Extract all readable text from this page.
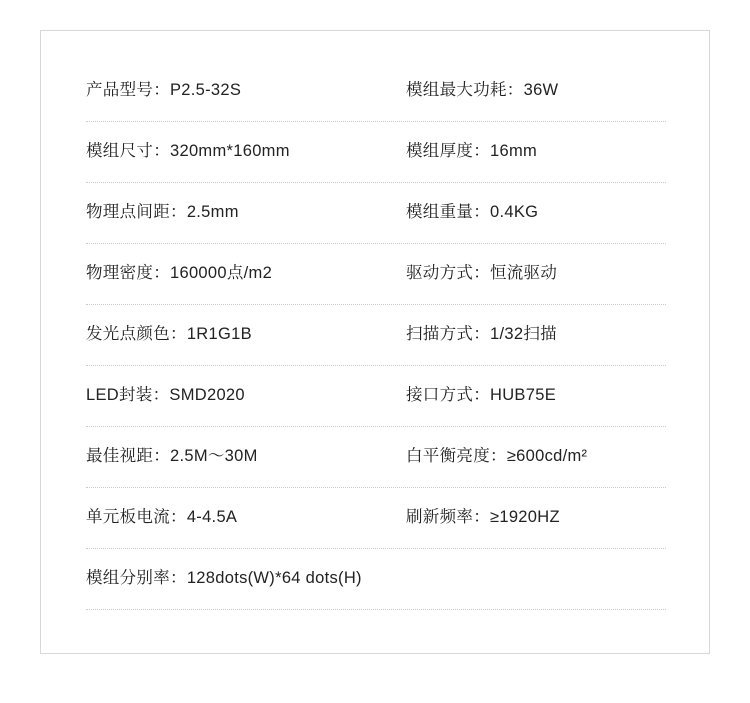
产品型号：P2.5-32S	模组最大功耗：36W
模组尺寸：320mm*160mm	模组厚度：16mm
物理点间距：2.5mm	模组重量：0.4KG
物理密度：160000点/m2	驱动方式：恒流驱动
发光点颜色：1R1G1B	扫描方式：1/32扫描
LED封装：SMD2020	接口方式：HUB75E
最佳视距：2.5M～30M	白平衡亮度：≥600cd/m²
单元板电流：4-4.5A	刷新频率：≥1920HZ
模组分别率：128dots(W)*64 dots(H)
